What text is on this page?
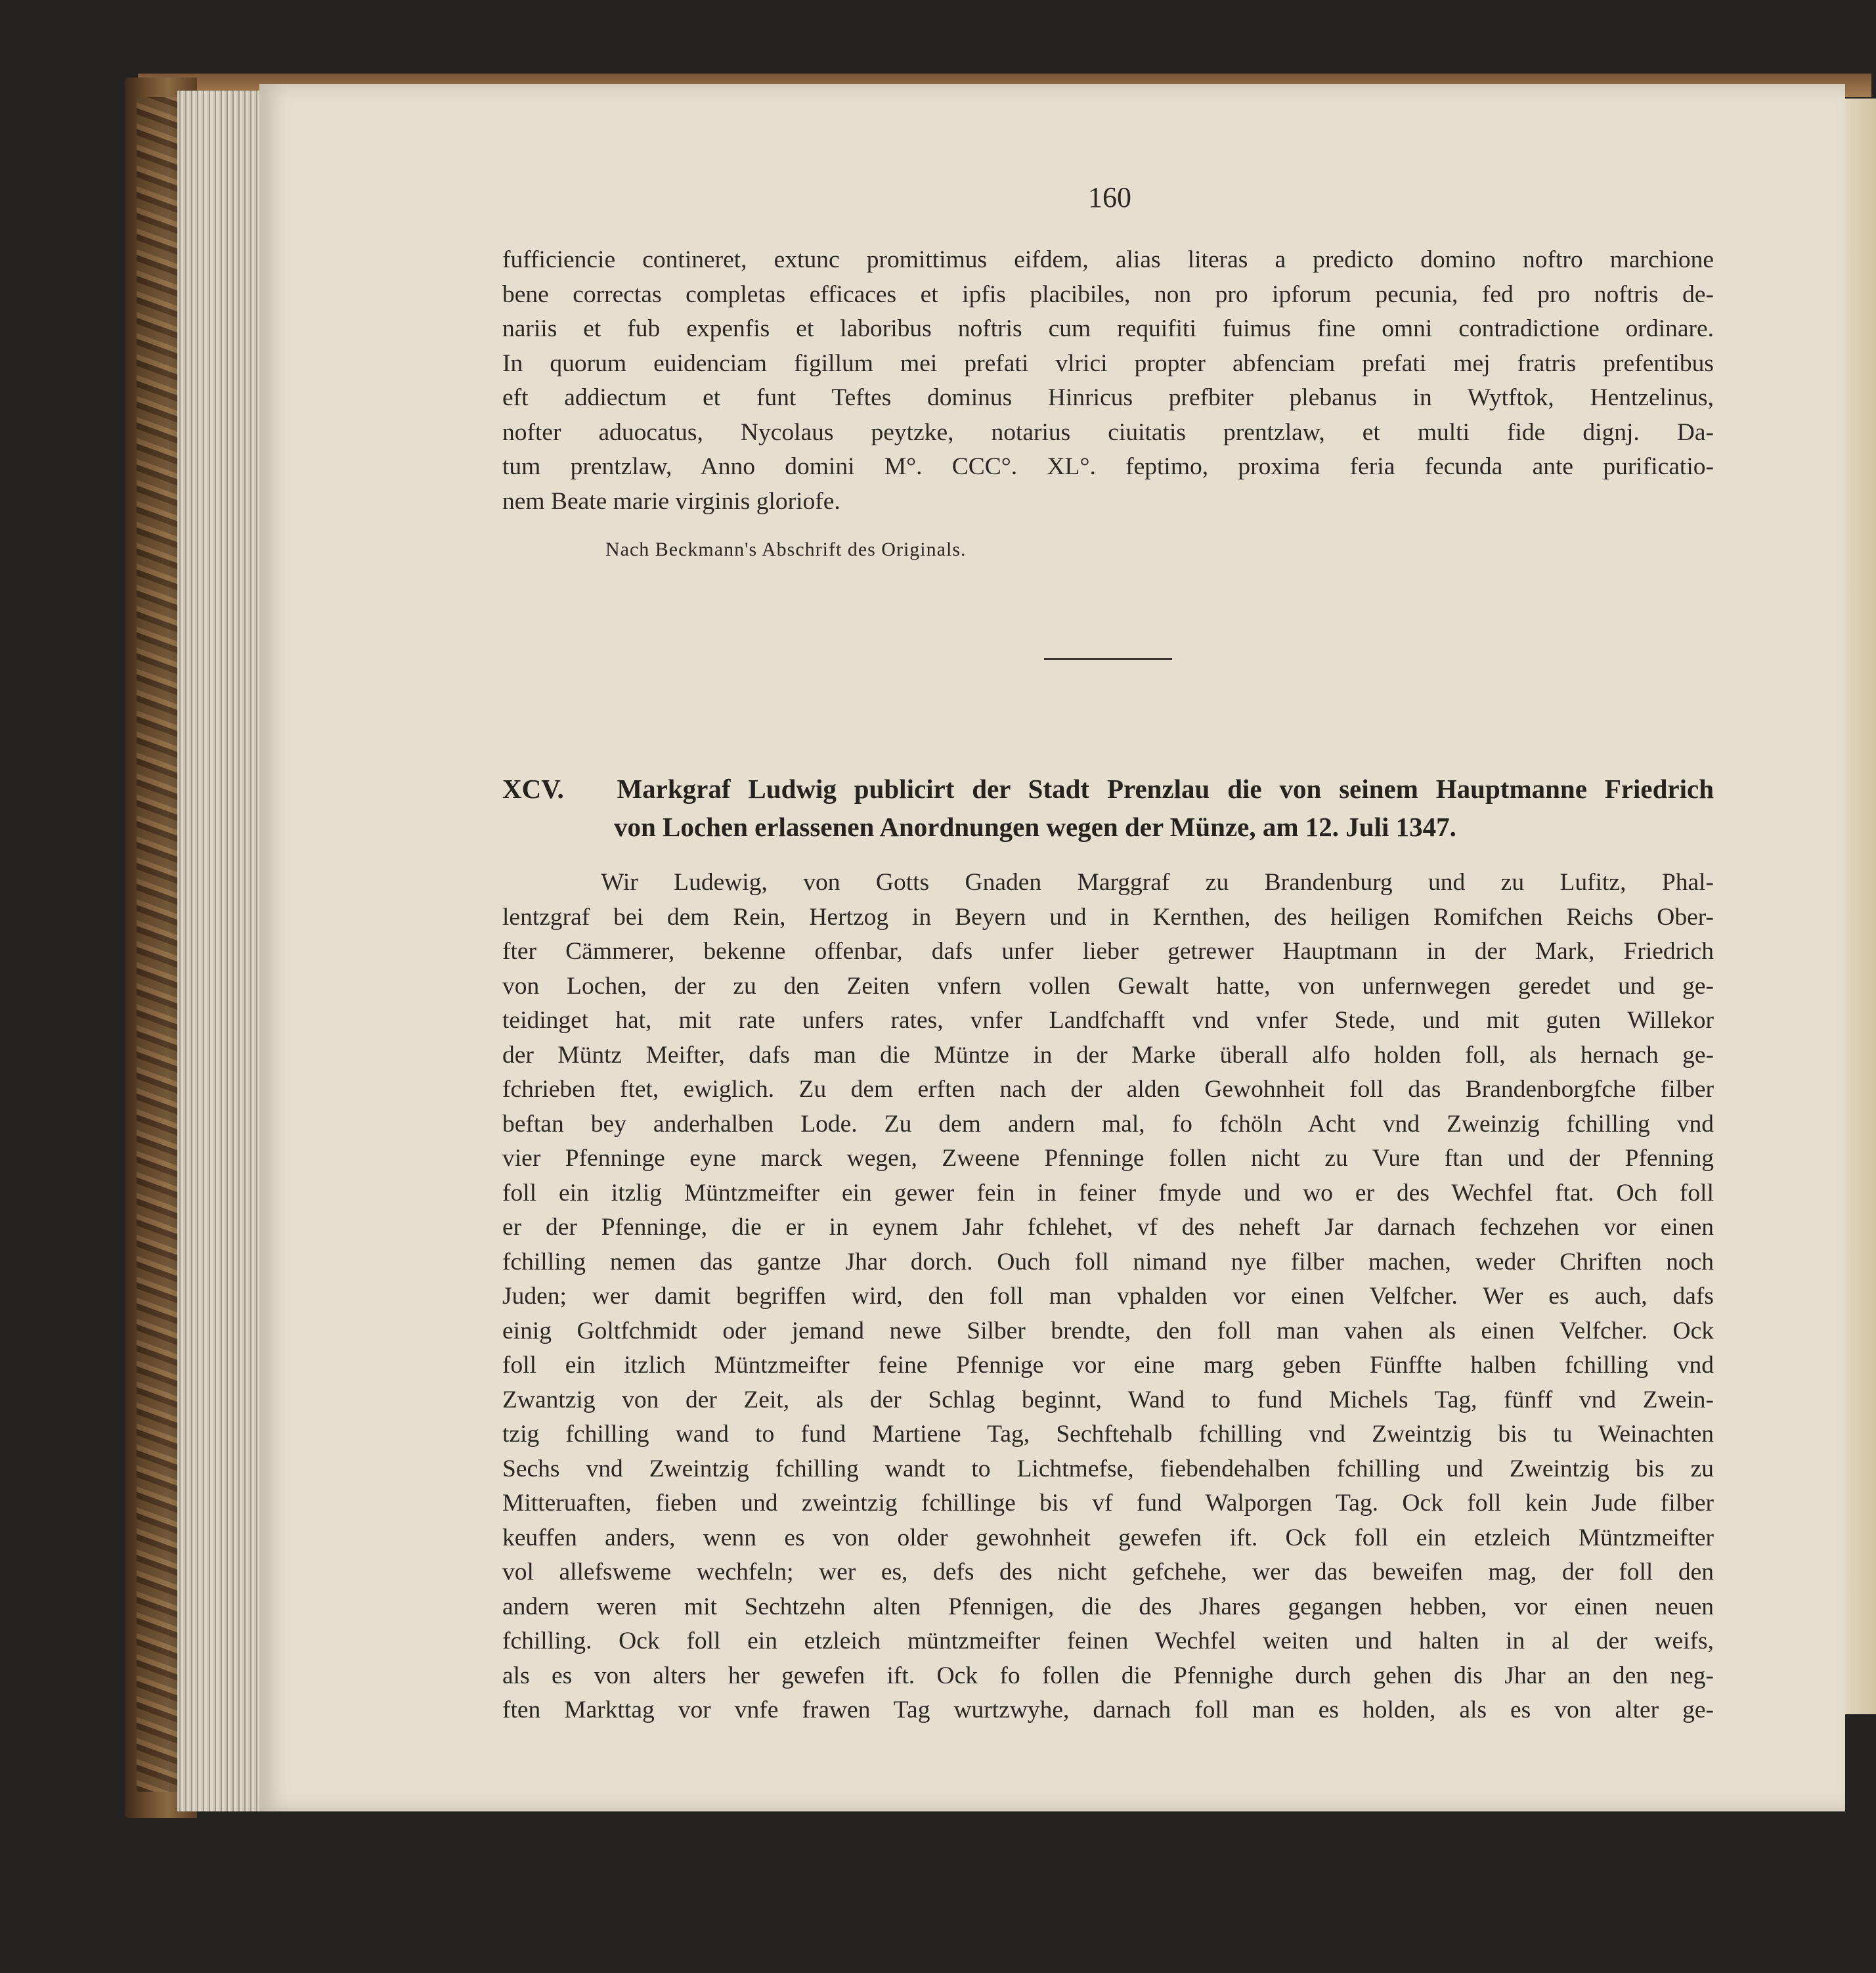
160
fufficiencie contineret, extunc promittimus eifdem, alias literas a predicto domino noftro marchione
bene correctas completas efficaces et ipfis placibiles, non pro ipforum pecunia, fed pro noftris de-
nariis et fub expenfis et laboribus noftris cum requifiti fuimus fine omni contradictione ordinare.
In quorum euidenciam figillum mei prefati vlrici propter abfenciam prefati mej fratris prefentibus
eft addiectum et funt Teftes dominus Hinricus prefbiter plebanus in Wytftok, Hentzelinus,
nofter aduocatus, Nycolaus peytzke, notarius ciuitatis prentzlaw, et multi fide dignj. Da-
tum prentzlaw, Anno domini M°. CCC°. XL°. feptimo, proxima feria fecunda ante purificatio-
nem Beate marie virginis gloriofe.
Nach Beckmann's Abschrift des Originals.
XCV. Markgraf Ludwig publicirt der Stadt Prenzlau die von seinem Hauptmanne Friedrich
von Lochen erlassenen Anordnungen wegen der Münze, am 12. Juli 1347.
Wir Ludewig, von Gotts Gnaden Marggraf zu Brandenburg und zu Lufitz, Phal-
lentzgraf bei dem Rein, Hertzog in Beyern und in Kernthen, des heiligen Romifchen Reichs Ober-
fter Cämmerer, bekenne offenbar, dafs unfer lieber getrewer Hauptmann in der Mark, Friedrich
von Lochen, der zu den Zeiten vnfern vollen Gewalt hatte, von unfernwegen geredet und ge-
teidinget hat, mit rate unfers rates, vnfer Landfchafft vnd vnfer Stede, und mit guten Willekor
der Müntz Meifter, dafs man die Müntze in der Marke überall alfo holden foll, als hernach ge-
fchrieben ftet, ewiglich. Zu dem erften nach der alden Gewohnheit foll das Brandenborgfche filber
beftan bey anderhalben Lode. Zu dem andern mal, fo fchöln Acht vnd Zweinzig fchilling vnd
vier Pfenninge eyne marck wegen, Zweene Pfenninge follen nicht zu Vure ftan und der Pfenning
foll ein itzlig Müntzmeifter ein gewer fein in feiner fmyde und wo er des Wechfel ftat. Och foll
er der Pfenninge, die er in eynem Jahr fchlehet, vf des neheft Jar darnach fechzehen vor einen
fchilling nemen das gantze Jhar dorch. Ouch foll nimand nye filber machen, weder Chriften noch
Juden; wer damit begriffen wird, den foll man vphalden vor einen Velfcher. Wer es auch, dafs
einig Goltfchmidt oder jemand newe Silber brendte, den foll man vahen als einen Velfcher. Ock
foll ein itzlich Müntzmeifter feine Pfennige vor eine marg geben Fünffte halben fchilling vnd
Zwantzig von der Zeit, als der Schlag beginnt, Wand to fund Michels Tag, fünff vnd Zwein-
tzig fchilling wand to fund Martiene Tag, Sechftehalb fchilling vnd Zweintzig bis tu Weinachten
Sechs vnd Zweintzig fchilling wandt to Lichtmefse, fiebendehalben fchilling und Zweintzig bis zu
Mitteruaften, fieben und zweintzig fchillinge bis vf fund Walporgen Tag. Ock foll kein Jude filber
keuffen anders, wenn es von older gewohnheit gewefen ift. Ock foll ein etzleich Müntzmeifter
vol allefsweme wechfeln; wer es, defs des nicht gefchehe, wer das beweifen mag, der foll den
andern weren mit Sechtzehn alten Pfennigen, die des Jhares gegangen hebben, vor einen neuen
fchilling. Ock foll ein etzleich müntzmeifter feinen Wechfel weiten und halten in al der weifs,
als es von alters her gewefen ift. Ock fo follen die Pfennighe durch gehen dis Jhar an den neg-
ften Markttag vor vnfe frawen Tag wurtzwyhe, darnach foll man es holden, als es von alter ge-
